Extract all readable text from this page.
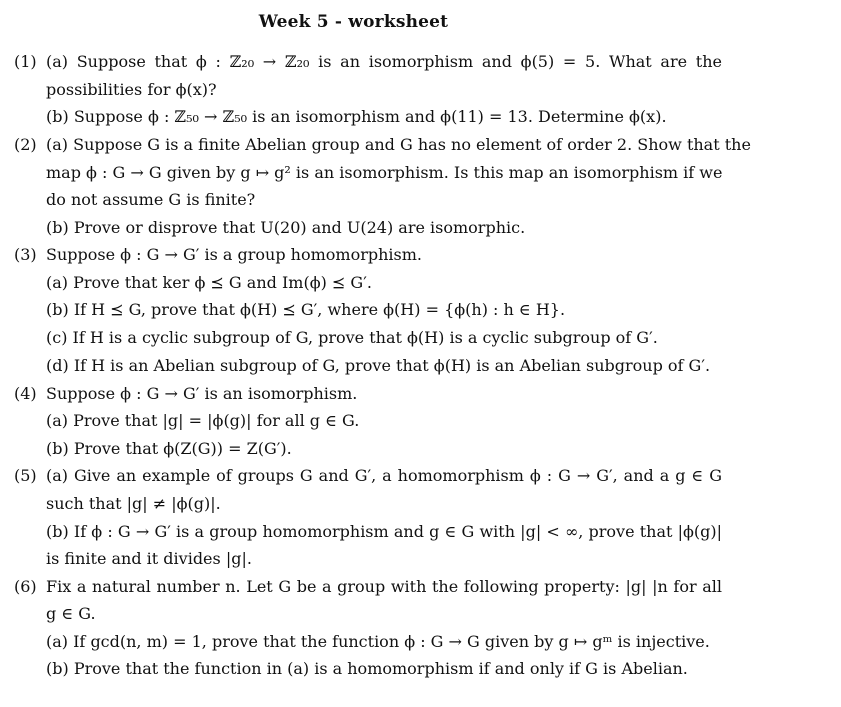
Week 5 - worksheet
(1) (a) Suppose that ϕ : ℤ₂₀ → ℤ₂₀ is an isomorphism and ϕ(5) = 5. What are the
possibilities for ϕ(x)?
(b) Suppose ϕ : ℤ₅₀ → ℤ₅₀ is an isomorphism and ϕ(11) = 13. Determine ϕ(x).
(2) (a) Suppose G is a finite Abelian group and G has no element of order 2. Show that the
map ϕ : G → G given by g ↦ g² is an isomorphism. Is this map an isomorphism if we
do not assume G is finite?
(b) Prove or disprove that U(20) and U(24) are isomorphic.
(3) Suppose ϕ : G → G′ is a group homomorphism.
(a) Prove that ker ϕ ⪯ G and Im(ϕ) ⪯ G′.
(b) If H ⪯ G, prove that ϕ(H) ⪯ G′, where ϕ(H) = {ϕ(h) : h ∈ H}.
(c) If H is a cyclic subgroup of G, prove that ϕ(H) is a cyclic subgroup of G′.
(d) If H is an Abelian subgroup of G, prove that ϕ(H) is an Abelian subgroup of G′.
(4) Suppose ϕ : G → G′ is an isomorphism.
(a) Prove that |g| = |ϕ(g)| for all g ∈ G.
(b) Prove that ϕ(Z(G)) = Z(G′).
(5) (a) Give an example of groups G and G′, a homomorphism ϕ : G → G′, and a g ∈ G
such that |g| ≠ |ϕ(g)|.
(b) If ϕ : G → G′ is a group homomorphism and g ∈ G with |g| < ∞, prove that |ϕ(g)|
is finite and it divides |g|.
(6) Fix a natural number n. Let G be a group with the following property: |g| |n for all
g ∈ G.
(a) If gcd(n, m) = 1, prove that the function ϕ : G → G given by g ↦ gᵐ is injective.
(b) Prove that the function in (a) is a homomorphism if and only if G is Abelian.
